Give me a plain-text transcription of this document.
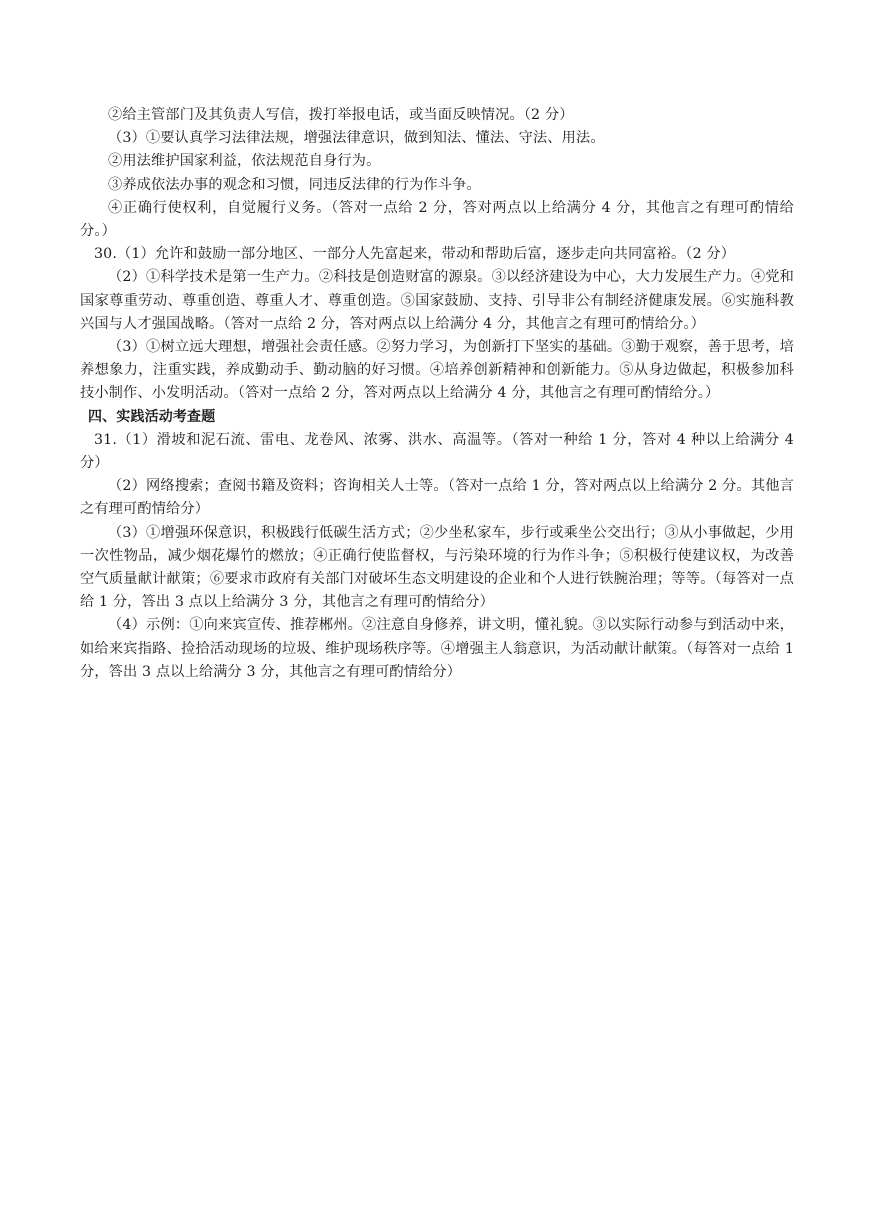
②给主管部门及其负责人写信，拨打举报电话，或当面反映情况。（2 分）

（3）①要认真学习法律法规，增强法律意识，做到知法、懂法、守法、用法。

②用法维护国家利益，依法规范自身行为。

③养成依法办事的观念和习惯，同违反法律的行为作斗争。

④正确行使权利，自觉履行义务。（答对一点给 2 分，答对两点以上给满分 4 分，其他言之有理可酌情给分。）

30.（1）允许和鼓励一部分地区、一部分人先富起来，带动和帮助后富，逐步走向共同富裕。（2 分）

（2）①科学技术是第一生产力。②科技是创造财富的源泉。③以经济建设为中心，大力发展生产力。④党和国家尊重劳动、尊重创造、尊重人才、尊重创造。⑤国家鼓励、支持、引导非公有制经济健康发展。⑥实施科教兴国与人才强国战略。（答对一点给 2 分，答对两点以上给满分 4 分，其他言之有理可酌情给分。）

（3）①树立远大理想，增强社会责任感。②努力学习，为创新打下坚实的基础。③勤于观察，善于思考，培养想象力，注重实践，养成勤动手、勤动脑的好习惯。④培养创新精神和创新能力。⑤从身边做起，积极参加科技小制作、小发明活动。（答对一点给 2 分，答对两点以上给满分 4 分，其他言之有理可酌情给分。）

四、实践活动考查题

31.（1）滑坡和泥石流、雷电、龙卷风、浓雾、洪水、高温等。（答对一种给 1 分，答对 4 种以上给满分 4 分）

（2）网络搜索；查阅书籍及资料；咨询相关人士等。（答对一点给 1 分，答对两点以上给满分 2 分。其他言之有理可酌情给分）

（3）①增强环保意识，积极践行低碳生活方式；②少坐私家车，步行或乘坐公交出行；③从小事做起，少用一次性物品，减少烟花爆竹的燃放；④正确行使监督权，与污染环境的行为作斗争；⑤积极行使建议权，为改善空气质量献计献策；⑥要求市政府有关部门对破坏生态文明建设的企业和个人进行铁腕治理；等等。（每答对一点给 1 分，答出 3 点以上给满分 3 分，其他言之有理可酌情给分）

（4）示例：①向来宾宣传、推荐郴州。②注意自身修养，讲文明，懂礼貌。③以实际行动参与到活动中来，如给来宾指路、捡拾活动现场的垃圾、维护现场秩序等。④增强主人翁意识，为活动献计献策。（每答对一点给 1 分，答出 3 点以上给满分 3 分，其他言之有理可酌情给分）
